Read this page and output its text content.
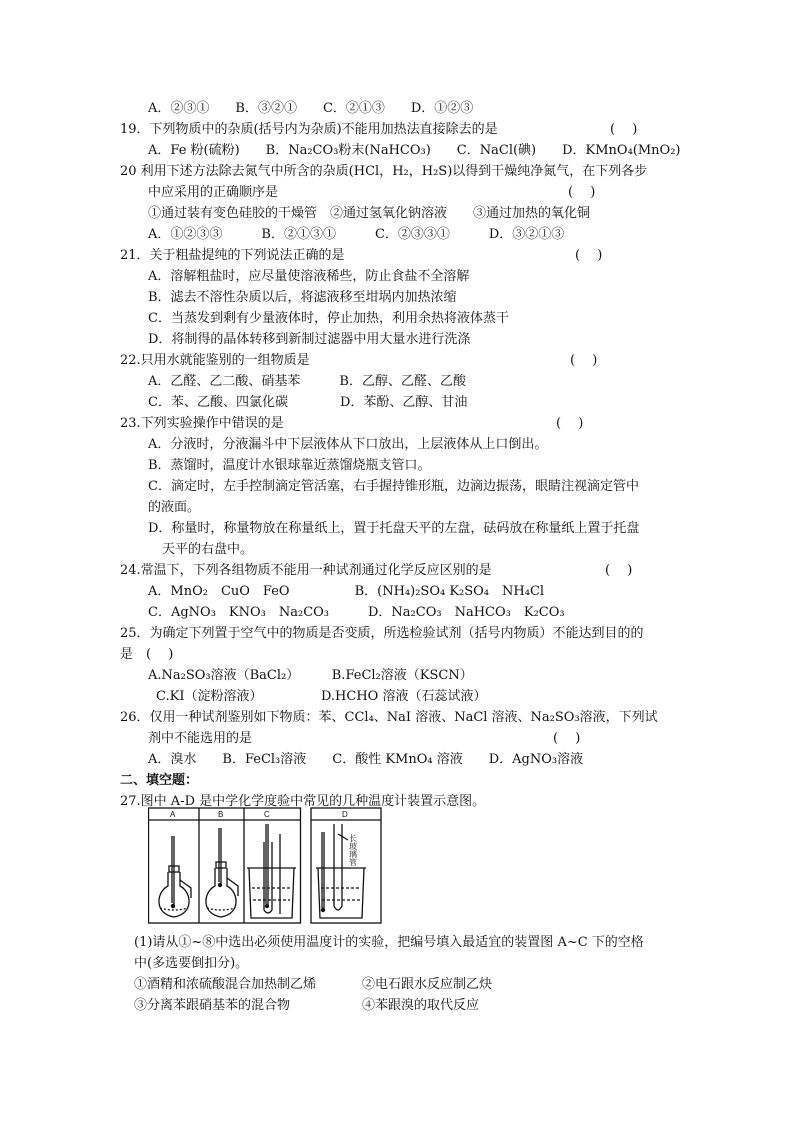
A．②③①　　B．③②①　　C．②①③　　D．①②③
19．下列物质中的杂质(括号内为杂质)不能用加热法直接除去的是	(　 )
A．Fe 粉(硫粉)　　B．Na₂CO₃粉末(NaHCO₃)　　C．NaCl(碘)　　D．KMnO₄(MnO₂)
20 利用下述方法除去氮气中所含的杂质(HCl，H₂，H₂S)以得到干燥纯净氮气，在下列各步
中应采用的正确顺序是	(　 )
①通过装有变色硅胶的干燥管　②通过氢氧化钠溶液　　③通过加热的氧化铜
A．①②③③　　　B．②①③①　　　C．②③③①　　　D．③②①③
21．关于粗盐提纯的下列说法正确的是	(　 )
A．溶解粗盐时，应尽量使溶液稀些，防止食盐不全溶解
B．滤去不溶性杂质以后，将滤液移至坩埚内加热浓缩
C．当蒸发到剩有少量液体时，停止加热，利用余热将液体蒸干
D．将制得的晶体转移到新制过滤器中用大量水进行洗涤
22.只用水就能鉴别的一组物质是	(　 )
A．乙醛、乙二酸、硝基苯　　　B．乙醇、乙醛、乙酸
C．苯、乙酸、四氯化碳　　　　D．苯酚、乙醇、甘油
23.下列实验操作中错误的是	(　 )
A．分液时，分液漏斗中下层液体从下口放出，上层液体从上口倒出。
B．蒸馏时，温度计水银球靠近蒸馏烧瓶支管口。
C．滴定时，左手控制滴定管活塞，右手握持锥形瓶，边滴边振荡，眼睛注视滴定管中
的液面。
D．称量时，称量物放在称量纸上，置于托盘天平的左盘，砝码放在称量纸上置于托盘
天平的右盘中。
24.常温下，下列各组物质不能用一种试剂通过化学反应区别的是	(　 )
A．MnO₂　CuO　FeO　　　　　B．(NH₄)₂SO₄ K₂SO₄　NH₄Cl
C．AgNO₃　KNO₃　Na₂CO₃　　　D．Na₂CO₃　NaHCO₃　K₂CO₃
25．为确定下列置于空气中的物质是否变质，所选检验试剂（括号内物质）不能达到目的的
是　(　 )
A.Na₂SO₃溶液（BaCl₂）　　　B.FeCl₂溶液（KSCN）
C.KI（淀粉溶液）　　　　　D.HCHO 溶液（石蕊试液）
26．仅用一种试剂鉴别如下物质：苯、CCl₄、NaI 溶液、NaCl 溶液、Na₂SO₃溶液，下列试
剂中不能选用的是	(　 )
A．溴水　　B．FeCl₃溶液　　C．酸性 KMnO₄ 溶液　　D．AgNO₃溶液
二、填空题：
27.图中 A-D 是中学化学度验中常见的几种温度计装置示意图。
A	B	C	D
长玻璃管
(1)请从①~⑧中选出必须使用温度计的实验，把编号填入最适宜的装置图 A~C 下的空格
中(多选要倒扣分)。
①酒精和浓硫酸混合加热制乙烯	②电石跟水反应制乙炔
③分离苯跟硝基苯的混合物	④苯跟溴的取代反应
